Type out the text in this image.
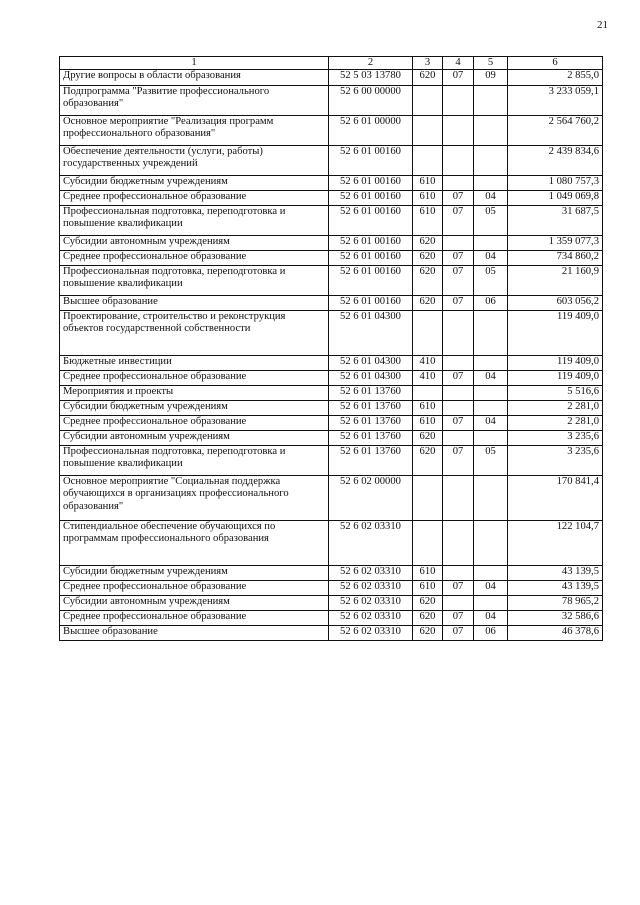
21
1	2	3	4	5	6
Другие вопросы в области образования	52 5 03 13780	620	07	09	2 855,0
Подпрограмма "Развитие профессионального образования"	52 6 00 00000				3 233 059,1
Основное мероприятие "Реализация программ профессионального образования"	52 6 01 00000				2 564 760,2
Обеспечение деятельности (услуги, работы) государственных учреждений	52 6 01 00160				2 439 834,6
Субсидии бюджетным учреждениям	52 6 01 00160	610			1 080 757,3
Среднее профессиональное образование	52 6 01 00160	610	07	04	1 049 069,8
Профессиональная подготовка, переподготовка и повышение квалификации	52 6 01 00160	610	07	05	31 687,5
Субсидии автономным учреждениям	52 6 01 00160	620			1 359 077,3
Среднее профессиональное образование	52 6 01 00160	620	07	04	734 860,2
Профессиональная подготовка, переподготовка и повышение квалификации	52 6 01 00160	620	07	05	21 160,9
Высшее образование	52 6 01 00160	620	07	06	603 056,2
Проектирование, строительство и реконструкция объектов государственной собственности	52 6 01 04300				119 409,0
Бюджетные инвестиции	52 6 01 04300	410			119 409,0
Среднее профессиональное образование	52 6 01 04300	410	07	04	119 409,0
Мероприятия и проекты	52 6 01 13760				5 516,6
Субсидии бюджетным учреждениям	52 6 01 13760	610			2 281,0
Среднее профессиональное образование	52 6 01 13760	610	07	04	2 281,0
Субсидии автономным учреждениям	52 6 01 13760	620			3 235,6
Профессиональная подготовка, переподготовка и повышение квалификации	52 6 01 13760	620	07	05	3 235,6
Основное мероприятие "Социальная поддержка обучающихся в организациях профессионального образования"	52 6 02 00000				170 841,4
Стипендиальное обеспечение обучающихся по программам профессионального образования	52 6 02 03310				122 104,7
Субсидии бюджетным учреждениям	52 6 02 03310	610			43 139,5
Среднее профессиональное образование	52 6 02 03310	610	07	04	43 139,5
Субсидии автономным учреждениям	52 6 02 03310	620			78 965,2
Среднее профессиональное образование	52 6 02 03310	620	07	04	32 586,6
Высшее образование	52 6 02 03310	620	07	06	46 378,6
